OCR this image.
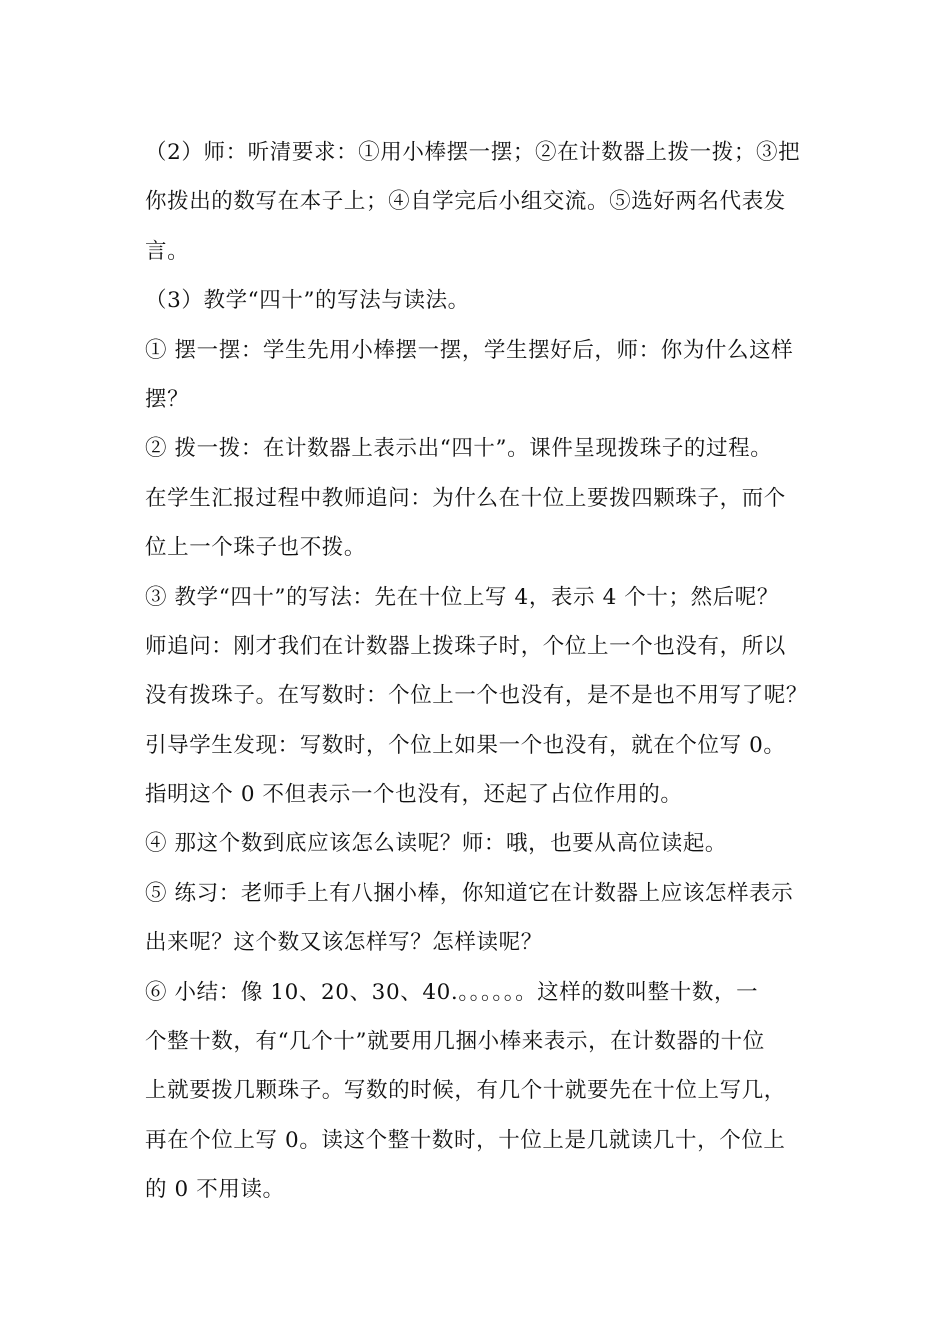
（2）师：听清要求：①用小棒摆一摆；②在计数器上拨一拨；③把
你拨出的数写在本子上；④自学完后小组交流。⑤选好两名代表发
言。
（3）教学“四十”的写法与读法。
① 摆一摆：学生先用小棒摆一摆，学生摆好后，师：你为什么这样
摆？
② 拨一拨：在计数器上表示出“四十”。课件呈现拨珠子的过程。
在学生汇报过程中教师追问：为什么在十位上要拨四颗珠子，而个
位上一个珠子也不拨。
③ 教学“四十”的写法：先在十位上写 4，表示 4 个十；然后呢？
师追问：刚才我们在计数器上拨珠子时，个位上一个也没有，所以
没有拨珠子。在写数时：个位上一个也没有，是不是也不用写了呢？
引导学生发现：写数时，个位上如果一个也没有，就在个位写 0。
指明这个 0 不但表示一个也没有，还起了占位作用的。
④ 那这个数到底应该怎么读呢？师：哦，也要从高位读起。
⑤ 练习：老师手上有八捆小棒，你知道它在计数器上应该怎样表示
出来呢？这个数又该怎样写？怎样读呢？
⑥ 小结：像 10、20、30、40.。。。。。。这样的数叫整十数，一
个整十数，有“几个十”就要用几捆小棒来表示，在计数器的十位
上就要拨几颗珠子。写数的时候，有几个十就要先在十位上写几，
再在个位上写 0。读这个整十数时，十位上是几就读几十，个位上
的 0 不用读。
